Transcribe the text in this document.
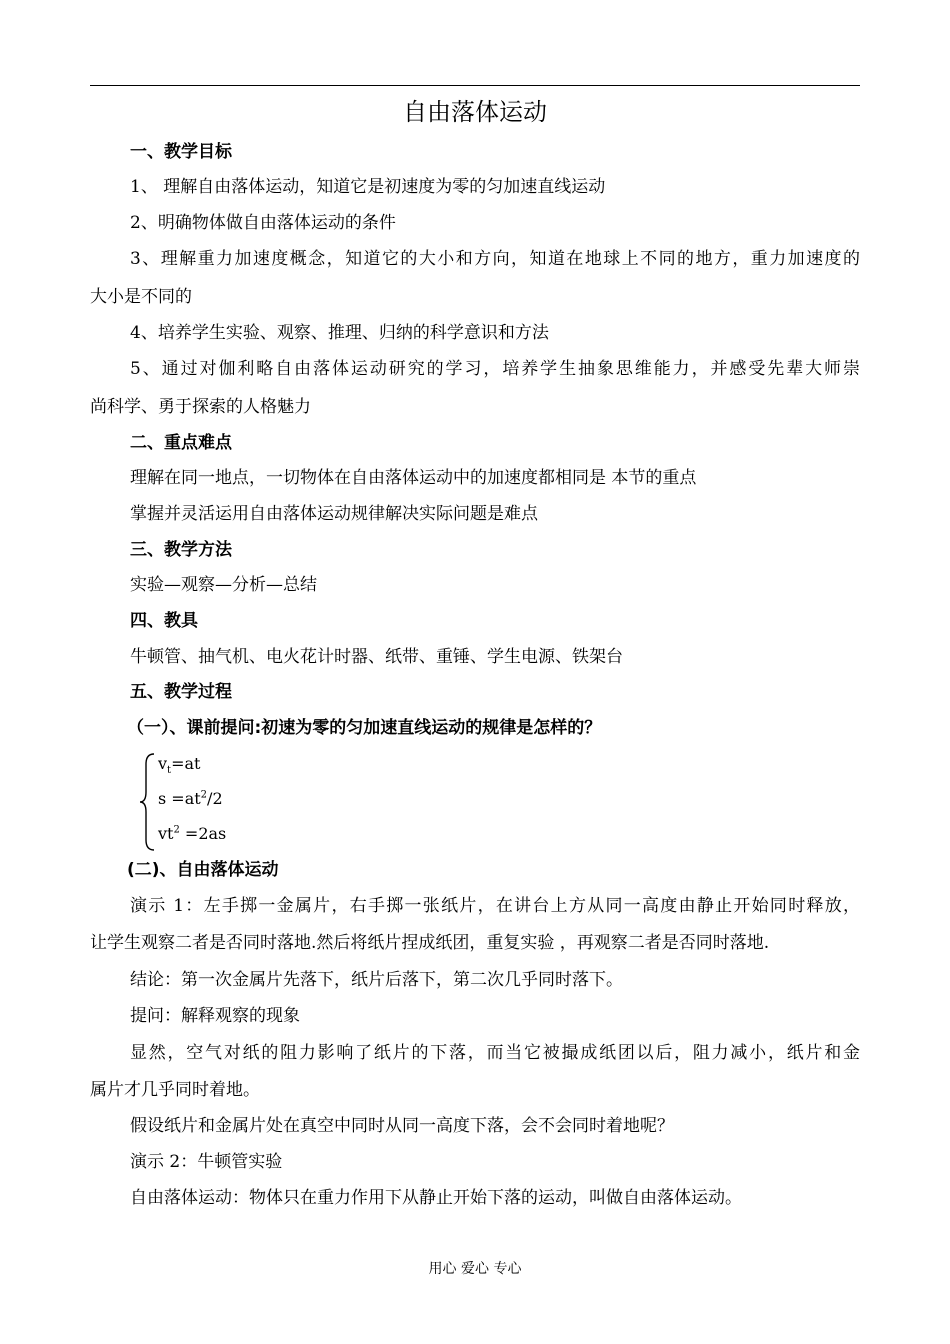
自由落体运动
一、教学目标
1、 理解自由落体运动，知道它是初速度为零的匀加速直线运动
2、明确物体做自由落体运动的条件
3、理解重力加速度概念，知道它的大小和方向，知道在地球上不同的地方，重力加速度的
大小是不同的
4、培养学生实验、观察、推理、归纳的科学意识和方法
5、通过对伽利略自由落体运动研究的学习，培养学生抽象思维能力，并感受先辈大师崇
尚科学、勇于探索的人格魅力
二、重点难点
理解在同一地点，一切物体在自由落体运动中的加速度都相同是 本节的重点
掌握并灵活运用自由落体运动规律解决实际问题是难点
三、教学方法
实验—观察—分析—总结
四、教具
牛顿管、抽气机、电火花计时器、纸带、重锤、学生电源、铁架台
五、教学过程
（一）、课前提问:初速为零的匀加速直线运动的规律是怎样的？
$v_t=at$
$s =at^2/2$
$vt^2 =2as$
(二)、自由落体运动
演示 1：左手掷一金属片，右手掷一张纸片，在讲台上方从同一高度由静止开始同时释放，
让学生观察二者是否同时落地.然后将纸片捏成纸团，重复实验 ，再观察二者是否同时落地.
结论：第一次金属片先落下，纸片后落下，第二次几乎同时落下。
提问：解释观察的现象
显然，空气对纸的阻力影响了纸片的下落，而当它被撮成纸团以后，阻力减小，纸片和金
属片才几乎同时着地。
假设纸片和金属片处在真空中同时从同一高度下落，会不会同时着地呢？
演示 2：牛顿管实验
自由落体运动：物体只在重力作用下从静止开始下落的运动，叫做自由落体运动。
用心 爱心 专心
